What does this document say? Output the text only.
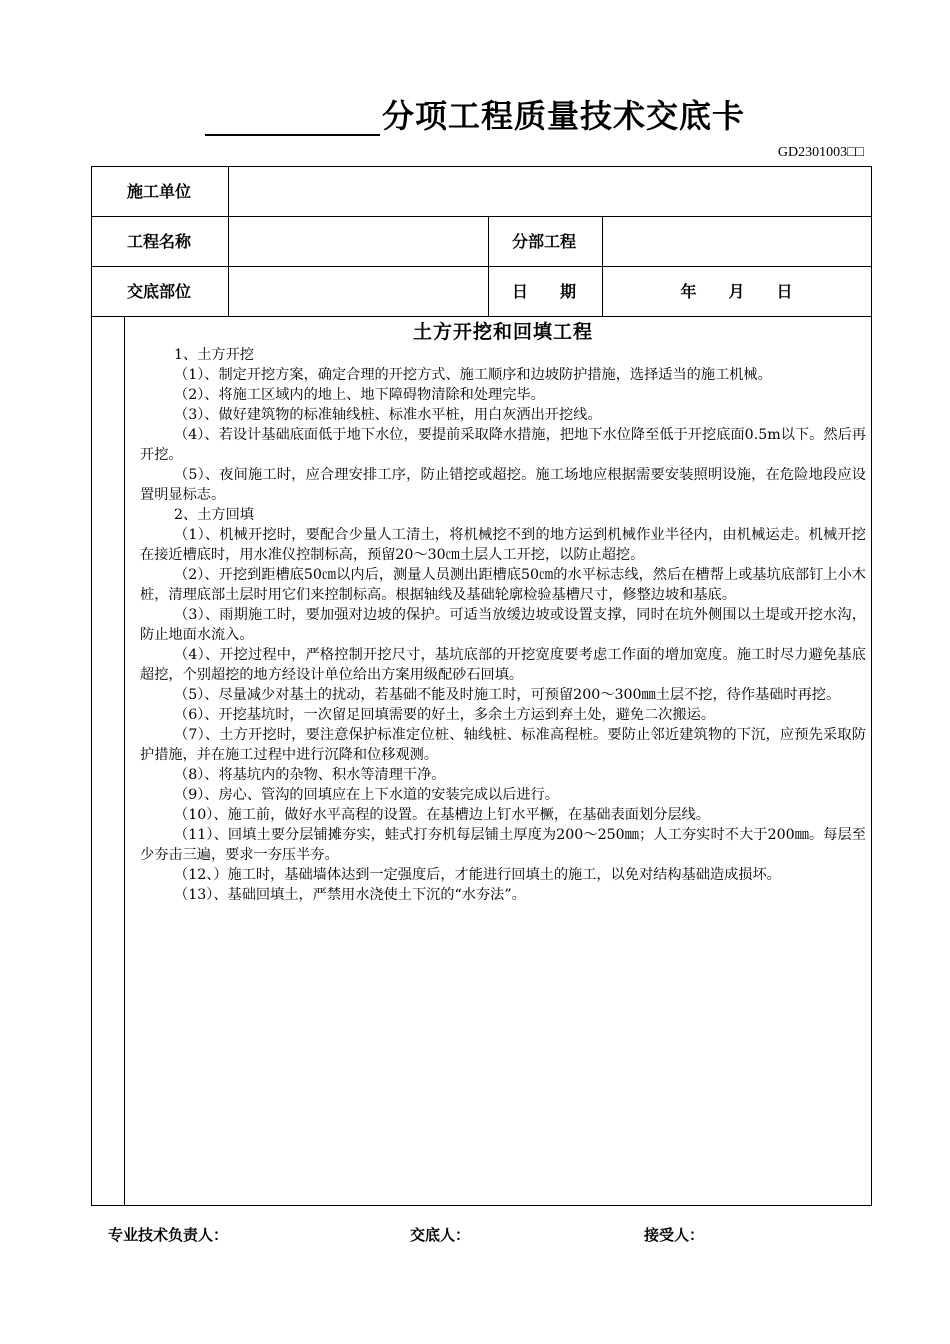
分项工程质量技术交底卡
GD2301003□□
施工单位
工程名称	分部工程
交底部位	日　　期	年　　月　　日

土方开挖和回填工程

1、土方开挖

（1）、制定开挖方案，确定合理的开挖方式、施工顺序和边坡防护措施，选择适当的施工机械。

（2）、将施工区域内的地上、地下障碍物清除和处理完毕。

（3）、做好建筑物的标准轴线桩、标准水平桩，用白灰洒出开挖线。

（4）、若设计基础底面低于地下水位，要提前采取降水措施，把地下水位降至低于开挖底面0.5m以下。然后再开挖。

（5）、夜间施工时，应合理安排工序，防止错挖或超挖。施工场地应根据需要安装照明设施，在危险地段应设置明显标志。

2、土方回填

（1）、机械开挖时，要配合少量人工清土，将机械挖不到的地方运到机械作业半径内，由机械运走。机械开挖在接近槽底时，用水准仪控制标高，预留20～30㎝土层人工开挖，以防止超挖。

（2）、开挖到距槽底50㎝以内后，测量人员测出距槽底50㎝的水平标志线，然后在槽帮上或基坑底部钉上小木桩，清理底部土层时用它们来控制标高。根据轴线及基础轮廓检验基槽尺寸，修整边坡和基底。

（3）、雨期施工时，要加强对边坡的保护。可适当放缓边坡或设置支撑，同时在坑外侧围以土堤或开挖水沟，防止地面水流入。

（4）、开挖过程中，严格控制开挖尺寸，基坑底部的开挖宽度要考虑工作面的增加宽度。施工时尽力避免基底超挖，个别超挖的地方经设计单位给出方案用级配砂石回填。

（5）、尽量减少对基土的扰动，若基础不能及时施工时，可预留200～300㎜土层不挖，待作基础时再挖。

（6）、开挖基坑时，一次留足回填需要的好土，多余土方运到弃土处，避免二次搬运。

（7）、土方开挖时，要注意保护标准定位桩、轴线桩、标准高程桩。要防止邻近建筑物的下沉，应预先采取防护措施，并在施工过程中进行沉降和位移观测。

（8）、将基坑内的杂物、积水等清理干净。

（9）、房心、管沟的回填应在上下水道的安装完成以后进行。

（10）、施工前，做好水平高程的设置。在基槽边上钉水平橛，在基础表面划分层线。

（11）、回填土要分层铺摊夯实，蛙式打夯机每层铺土厚度为200～250㎜；人工夯实时不大于200㎜。每层至少夯击三遍，要求一夯压半夯。

（12、）施工时，基础墙体达到一定强度后，才能进行回填土的施工，以免对结构基础造成损坏。

（13）、基础回填土，严禁用水浇使土下沉的“水夯法”。

专业技术负责人：	交底人：	接受人：
